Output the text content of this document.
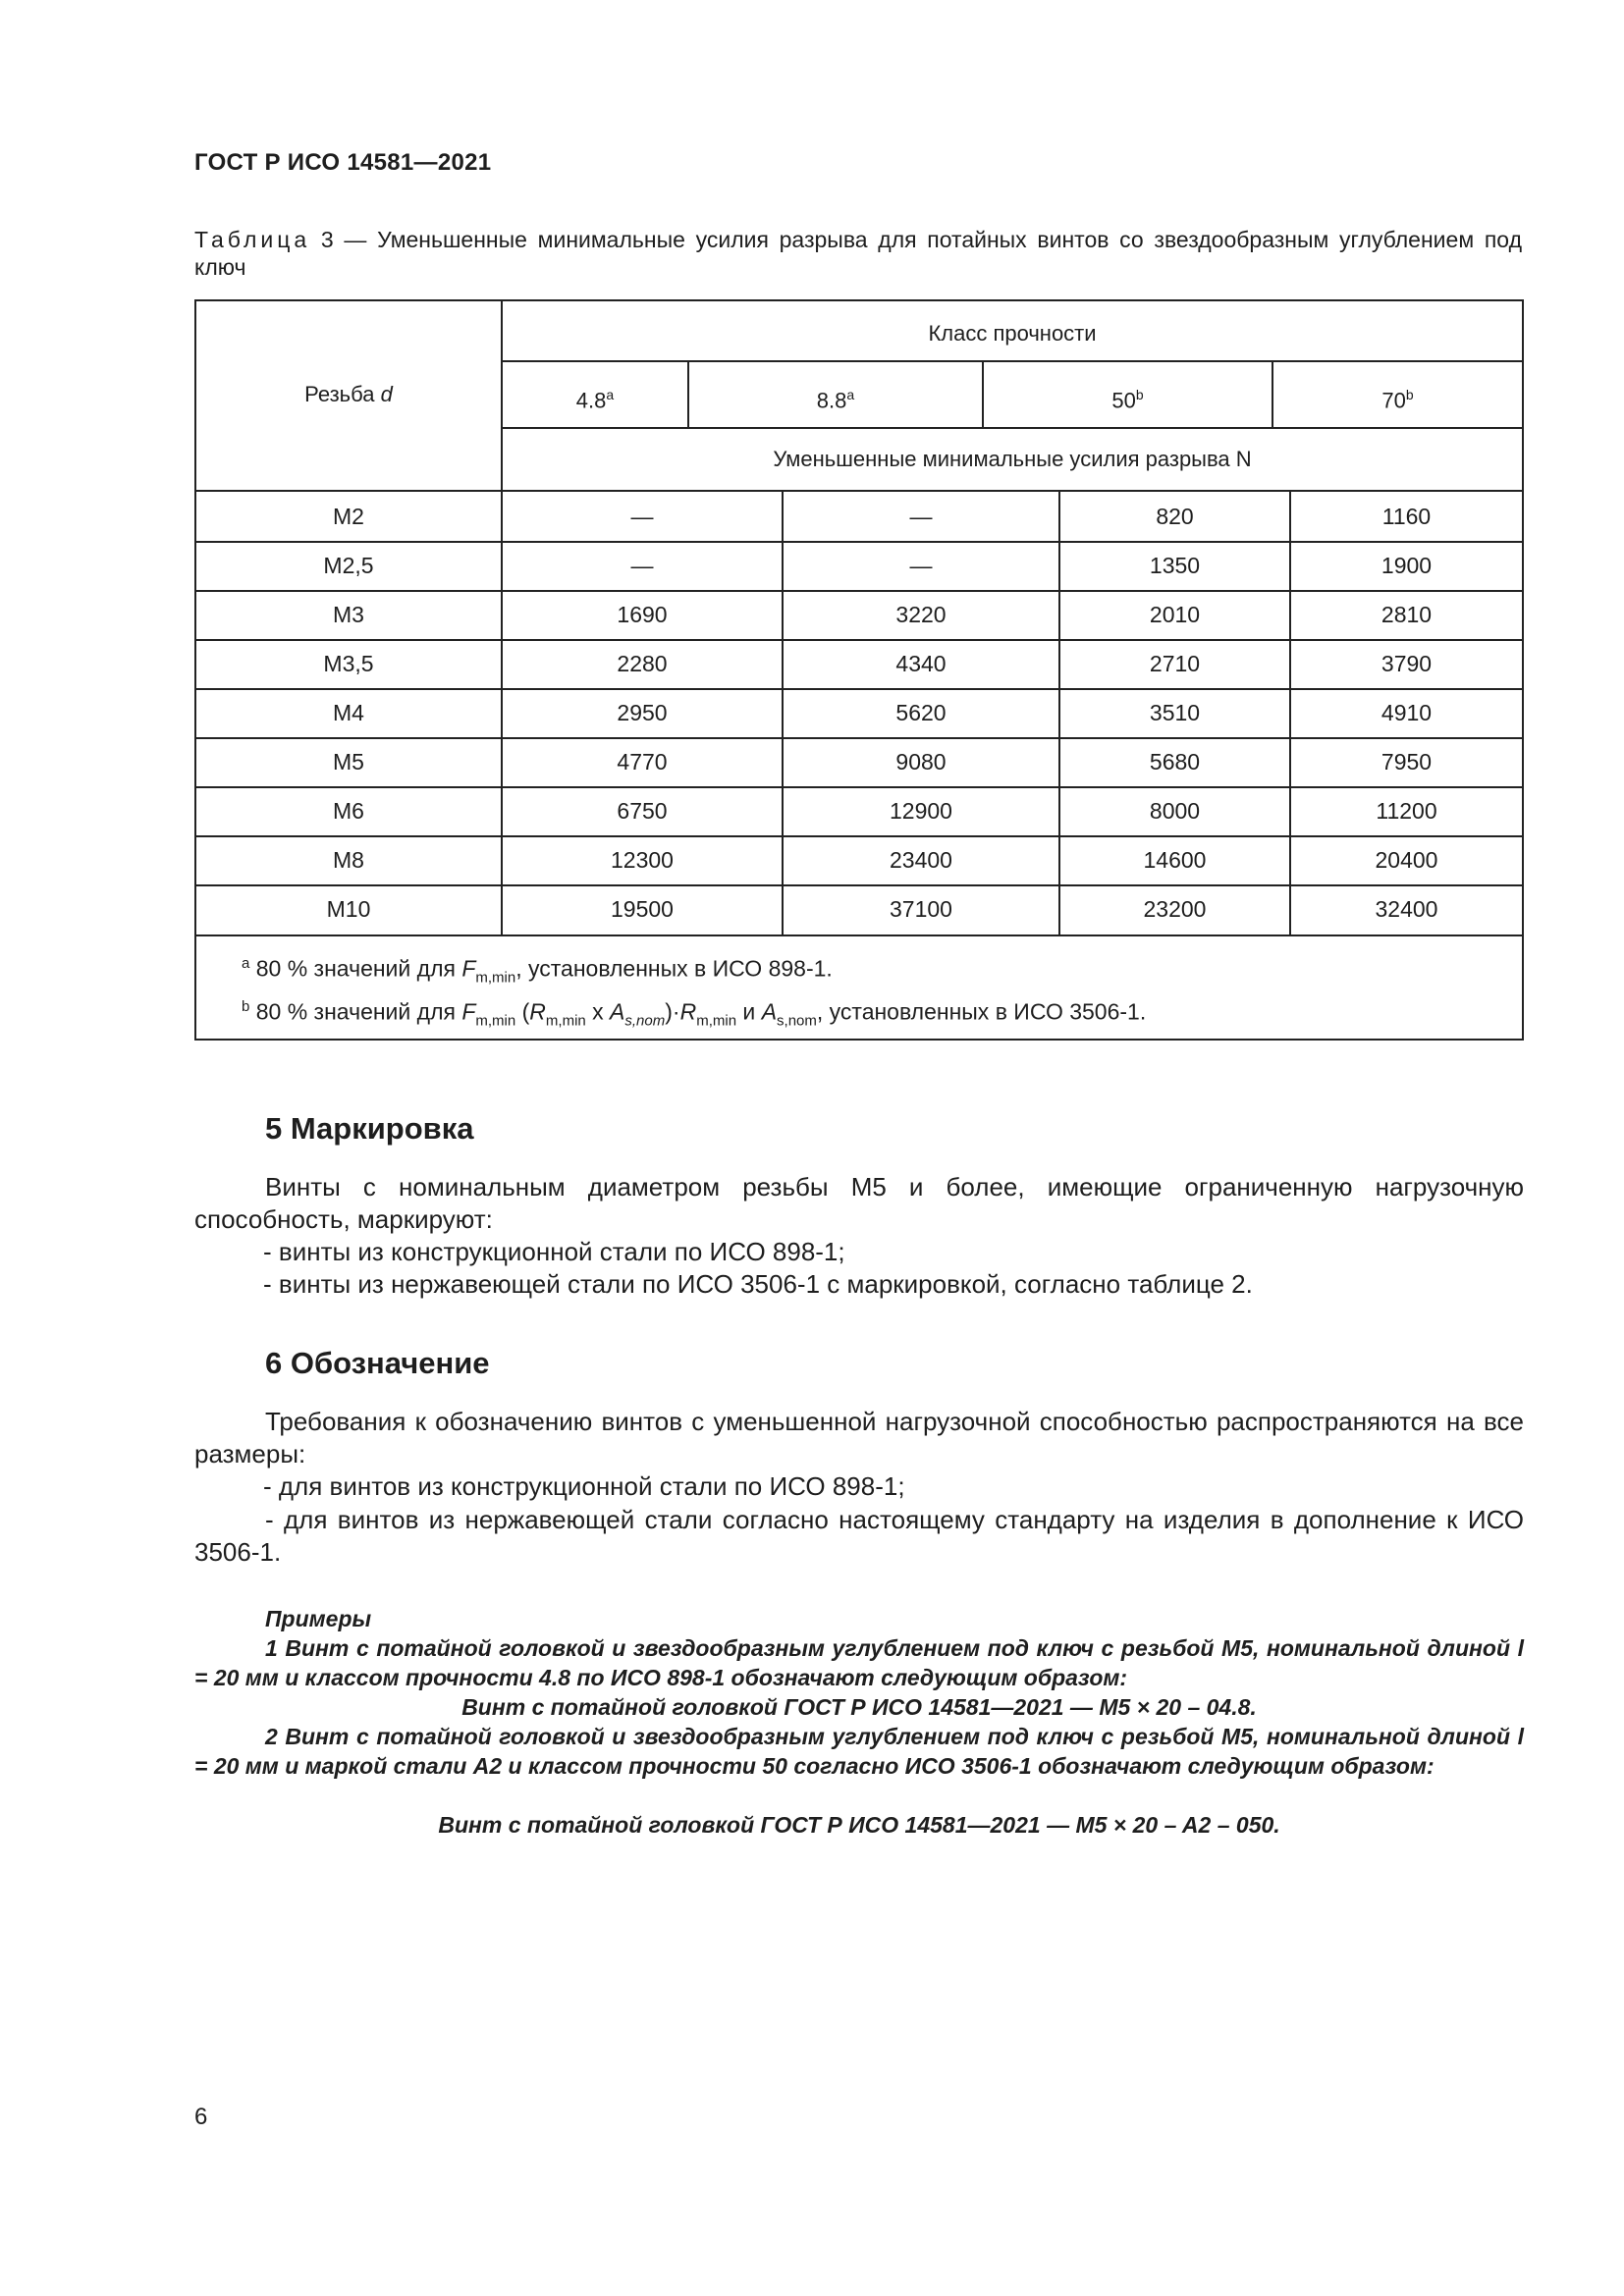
ГОСТ Р ИСО 14581—2021
Таблица 3 — Уменьшенные минимальные усилия разрыва для потайных винтов со звездообразным углублением под ключ
Резьба d
Класс прочности
4.8$^a$	8.8$^a$	50$^b$	70$^b$
Уменьшенные минимальные усилия разрыва N
M2	—	—	820	1160
M2,5	—	—	1350	1900
M3	1690	3220	2010	2810
M3,5	2280	4340	2710	3790
M4	2950	5620	3510	4910
M5	4770	9080	5680	7950
M6	6750	12900	8000	11200
M8	12300	23400	14600	20400
M10	19500	37100	23200	32400
$^a$ 80 % значений для $F_{m,min}$, установленных в ИСО 898-1.
$^b$ 80 % значений для $F_{m,min}$ ($R_{m,min}$ x $A_{s,nom})\cdot R_{m,min}$ и $A_{s,nom}$, установленных в ИСО 3506-1.
5 Маркировка
Винты с номинальным диаметром резьбы M5 и более, имеющие ограниченную нагрузочную способность, маркируют:
- винты из конструкционной стали по ИСО 898-1;
- винты из нержавеющей стали по ИСО 3506-1 с маркировкой, согласно таблице 2.
6 Обозначение
Требования к обозначению винтов с уменьшенной нагрузочной способностью распространяются на все размеры:
- для винтов из конструкционной стали по ИСО 898-1;
- для винтов из нержавеющей стали согласно настоящему стандарту на изделия в дополнение к ИСО 3506-1.
Примеры
1 Винт с потайной головкой и звездообразным углублением под ключ с резьбой M5, номинальной длиной l = 20 мм и классом прочности 4.8 по ИСО 898-1 обозначают следующим образом:
Винт с потайной головкой ГОСТ Р ИСО 14581—2021 — M5 × 20 – 04.8.
2 Винт с потайной головкой и звездообразным углублением под ключ с резьбой M5, номинальной длиной l = 20 мм и маркой стали A2 и классом прочности 50 согласно ИСО 3506-1 обозначают следующим образом:
Винт с потайной головкой ГОСТ Р ИСО 14581—2021 — M5 × 20 – A2 – 050.
6
